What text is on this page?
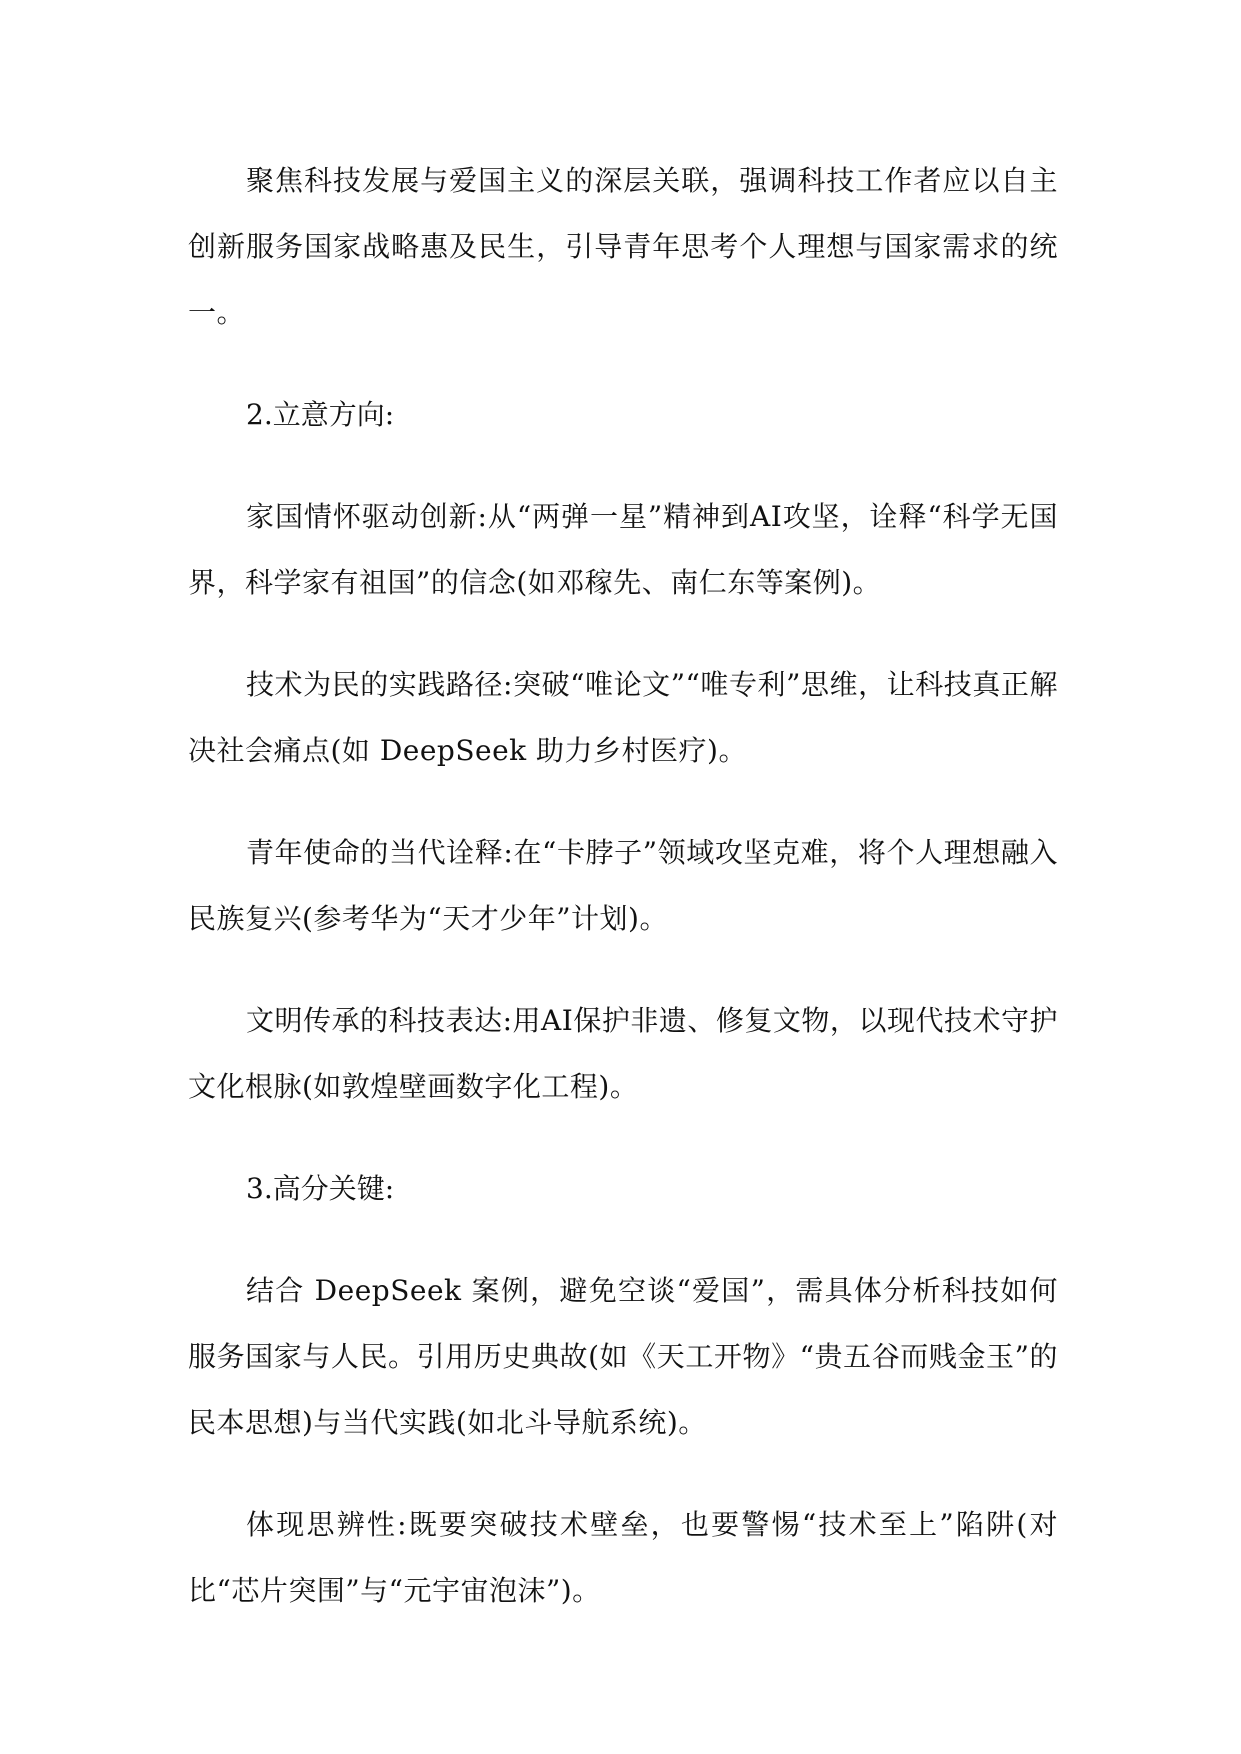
聚焦科技发展与爱国主义的深层关联，强调科技工作者应以自主创新服务国家战略惠及民生，引导青年思考个人理想与国家需求的统一。

2.立意方向:

家国情怀驱动创新:从“两弹一星”精神到AI攻坚，诠释“科学无国界，科学家有祖国”的信念(如邓稼先、南仁东等案例)。

技术为民的实践路径:突破“唯论文”“唯专利”思维，让科技真正解决社会痛点(如 DeepSeek 助力乡村医疗)。

青年使命的当代诠释:在“卡脖子”领域攻坚克难，将个人理想融入民族复兴(参考华为“天才少年”计划)。

文明传承的科技表达:用AI保护非遗、修复文物，以现代技术守护文化根脉(如敦煌壁画数字化工程)。

3.高分关键:

结合 DeepSeek 案例，避免空谈“爱国”，需具体分析科技如何服务国家与人民。引用历史典故(如《天工开物》“贵五谷而贱金玉”的民本思想)与当代实践(如北斗导航系统)。

体现思辨性:既要突破技术壁垒，也要警惕“技术至上”陷阱(对比“芯片突围”与“元宇宙泡沫”)。
